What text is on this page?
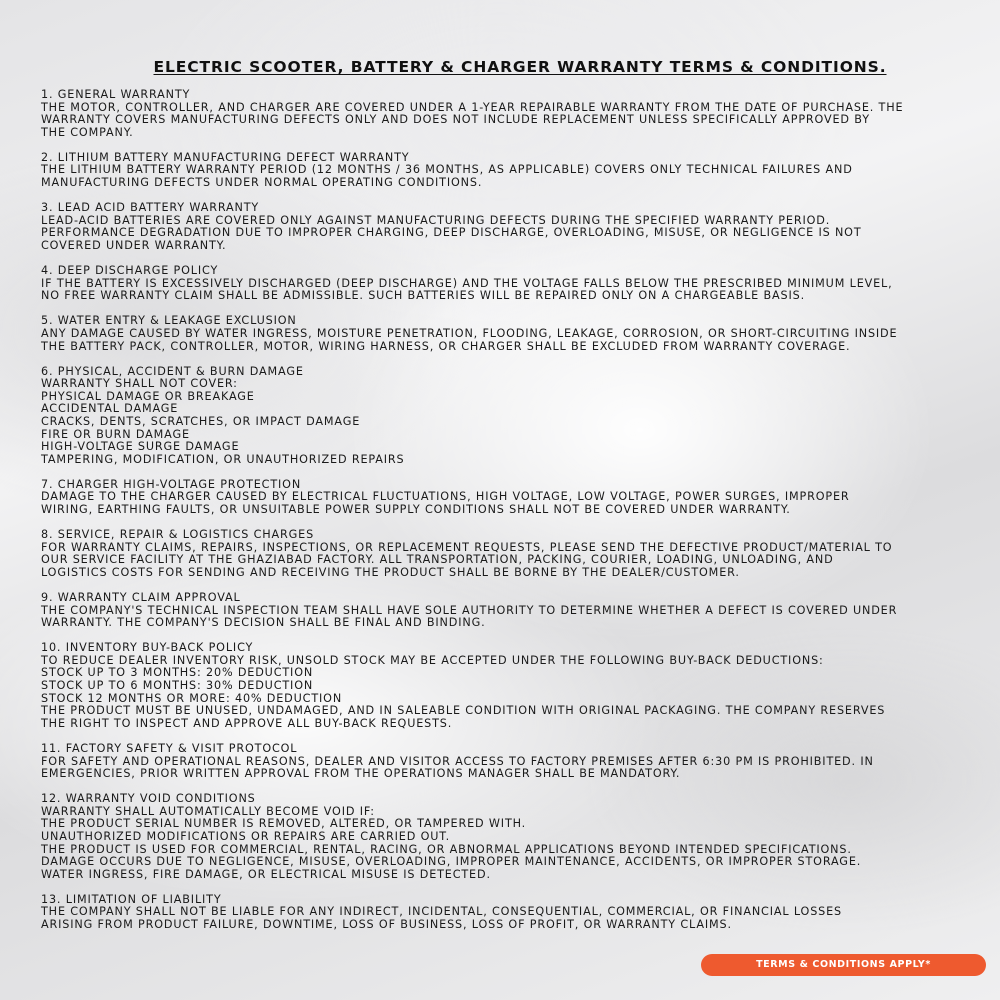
ELECTRIC SCOOTER, BATTERY & CHARGER WARRANTY TERMS & CONDITIONS.
1. GENERAL WARRANTY
THE MOTOR, CONTROLLER, AND CHARGER ARE COVERED UNDER A 1-YEAR REPAIRABLE WARRANTY FROM THE DATE OF PURCHASE. THE
WARRANTY COVERS MANUFACTURING DEFECTS ONLY AND DOES NOT INCLUDE REPLACEMENT UNLESS SPECIFICALLY APPROVED BY
THE COMPANY.
2. LITHIUM BATTERY MANUFACTURING DEFECT WARRANTY
THE LITHIUM BATTERY WARRANTY PERIOD (12 MONTHS / 36 MONTHS, AS APPLICABLE) COVERS ONLY TECHNICAL FAILURES AND
MANUFACTURING DEFECTS UNDER NORMAL OPERATING CONDITIONS.
3. LEAD ACID BATTERY WARRANTY
LEAD-ACID BATTERIES ARE COVERED ONLY AGAINST MANUFACTURING DEFECTS DURING THE SPECIFIED WARRANTY PERIOD.
PERFORMANCE DEGRADATION DUE TO IMPROPER CHARGING, DEEP DISCHARGE, OVERLOADING, MISUSE, OR NEGLIGENCE IS NOT
COVERED UNDER WARRANTY.
4. DEEP DISCHARGE POLICY
IF THE BATTERY IS EXCESSIVELY DISCHARGED (DEEP DISCHARGE) AND THE VOLTAGE FALLS BELOW THE PRESCRIBED MINIMUM LEVEL,
NO FREE WARRANTY CLAIM SHALL BE ADMISSIBLE. SUCH BATTERIES WILL BE REPAIRED ONLY ON A CHARGEABLE BASIS.
5. WATER ENTRY & LEAKAGE EXCLUSION
ANY DAMAGE CAUSED BY WATER INGRESS, MOISTURE PENETRATION, FLOODING, LEAKAGE, CORROSION, OR SHORT-CIRCUITING INSIDE
THE BATTERY PACK, CONTROLLER, MOTOR, WIRING HARNESS, OR CHARGER SHALL BE EXCLUDED FROM WARRANTY COVERAGE.
6. PHYSICAL, ACCIDENT & BURN DAMAGE
WARRANTY SHALL NOT COVER:
PHYSICAL DAMAGE OR BREAKAGE
ACCIDENTAL DAMAGE
CRACKS, DENTS, SCRATCHES, OR IMPACT DAMAGE
FIRE OR BURN DAMAGE
HIGH-VOLTAGE SURGE DAMAGE
TAMPERING, MODIFICATION, OR UNAUTHORIZED REPAIRS
7. CHARGER HIGH-VOLTAGE PROTECTION
DAMAGE TO THE CHARGER CAUSED BY ELECTRICAL FLUCTUATIONS, HIGH VOLTAGE, LOW VOLTAGE, POWER SURGES, IMPROPER
WIRING, EARTHING FAULTS, OR UNSUITABLE POWER SUPPLY CONDITIONS SHALL NOT BE COVERED UNDER WARRANTY.
8. SERVICE, REPAIR & LOGISTICS CHARGES
FOR WARRANTY CLAIMS, REPAIRS, INSPECTIONS, OR REPLACEMENT REQUESTS, PLEASE SEND THE DEFECTIVE PRODUCT/MATERIAL TO
OUR SERVICE FACILITY AT THE GHAZIABAD FACTORY. ALL TRANSPORTATION, PACKING, COURIER, LOADING, UNLOADING, AND
LOGISTICS COSTS FOR SENDING AND RECEIVING THE PRODUCT SHALL BE BORNE BY THE DEALER/CUSTOMER.
9. WARRANTY CLAIM APPROVAL
THE COMPANY'S TECHNICAL INSPECTION TEAM SHALL HAVE SOLE AUTHORITY TO DETERMINE WHETHER A DEFECT IS COVERED UNDER
WARRANTY. THE COMPANY'S DECISION SHALL BE FINAL AND BINDING.
10. INVENTORY BUY-BACK POLICY
TO REDUCE DEALER INVENTORY RISK, UNSOLD STOCK MAY BE ACCEPTED UNDER THE FOLLOWING BUY-BACK DEDUCTIONS:
STOCK UP TO 3 MONTHS: 20% DEDUCTION
STOCK UP TO 6 MONTHS: 30% DEDUCTION
STOCK 12 MONTHS OR MORE: 40% DEDUCTION
THE PRODUCT MUST BE UNUSED, UNDAMAGED, AND IN SALEABLE CONDITION WITH ORIGINAL PACKAGING. THE COMPANY RESERVES
THE RIGHT TO INSPECT AND APPROVE ALL BUY-BACK REQUESTS.
11. FACTORY SAFETY & VISIT PROTOCOL
FOR SAFETY AND OPERATIONAL REASONS, DEALER AND VISITOR ACCESS TO FACTORY PREMISES AFTER 6:30 PM IS PROHIBITED. IN
EMERGENCIES, PRIOR WRITTEN APPROVAL FROM THE OPERATIONS MANAGER SHALL BE MANDATORY.
12. WARRANTY VOID CONDITIONS
WARRANTY SHALL AUTOMATICALLY BECOME VOID IF:
THE PRODUCT SERIAL NUMBER IS REMOVED, ALTERED, OR TAMPERED WITH.
UNAUTHORIZED MODIFICATIONS OR REPAIRS ARE CARRIED OUT.
THE PRODUCT IS USED FOR COMMERCIAL, RENTAL, RACING, OR ABNORMAL APPLICATIONS BEYOND INTENDED SPECIFICATIONS.
DAMAGE OCCURS DUE TO NEGLIGENCE, MISUSE, OVERLOADING, IMPROPER MAINTENANCE, ACCIDENTS, OR IMPROPER STORAGE.
WATER INGRESS, FIRE DAMAGE, OR ELECTRICAL MISUSE IS DETECTED.
13. LIMITATION OF LIABILITY
THE COMPANY SHALL NOT BE LIABLE FOR ANY INDIRECT, INCIDENTAL, CONSEQUENTIAL, COMMERCIAL, OR FINANCIAL LOSSES
ARISING FROM PRODUCT FAILURE, DOWNTIME, LOSS OF BUSINESS, LOSS OF PROFIT, OR WARRANTY CLAIMS.
TERMS & CONDITIONS APPLY*
